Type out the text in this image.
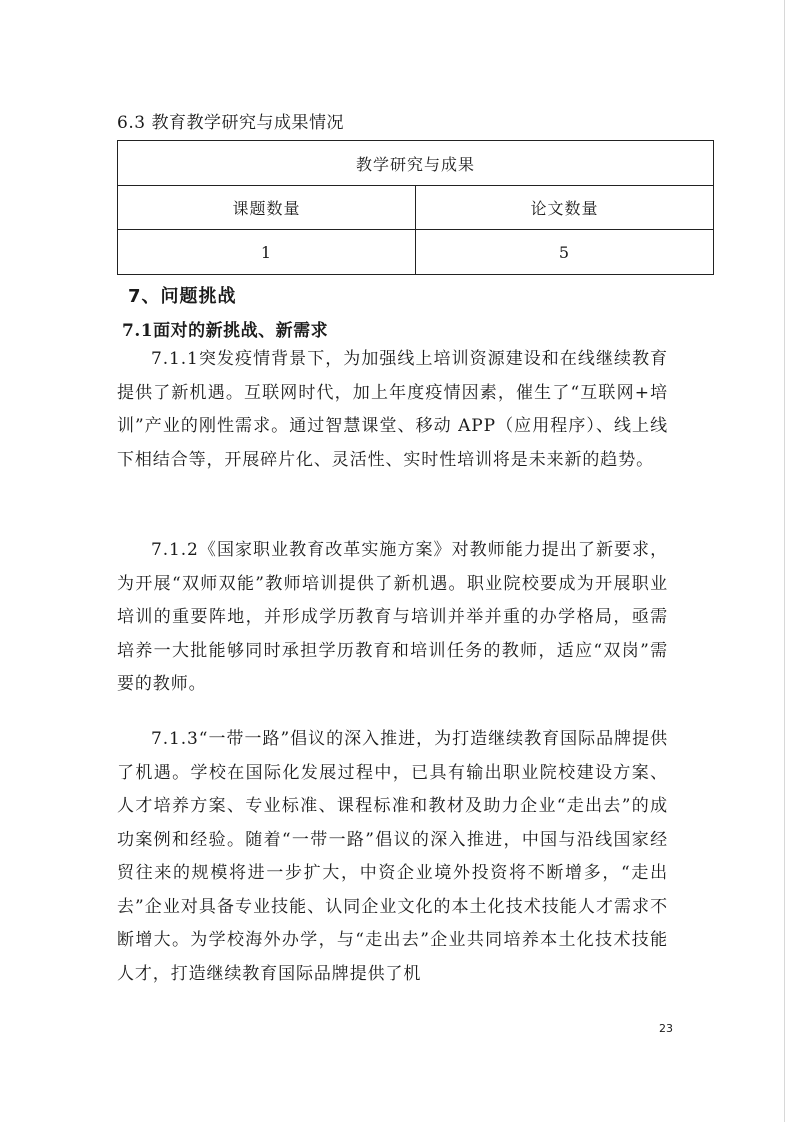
6.3 教育教学研究与成果情况
教学研究与成果	
课题数量	论文数量
1	5
7、问题挑战
7.1面对的新挑战、新需求

7.1.1突发疫情背景下，为加强线上培训资源建设和在线继续教育提供了新机遇。互联网时代，加上年度疫情因素，催生了“互联网+培训”产业的刚性需求。通过智慧课堂、移动 APP（应用程序）、线上线下相结合等，开展碎片化、灵活性、实时性培训将是未来新的趋势。

7.1.2《国家职业教育改革实施方案》对教师能力提出了新要求，为开展“双师双能”教师培训提供了新机遇。职业院校要成为开展职业培训的重要阵地，并形成学历教育与培训并举并重的办学格局，亟需培养一大批能够同时承担学历教育和培训任务的教师，适应“双岗”需要的教师。

7.1.3“一带一路”倡议的深入推进，为打造继续教育国际品牌提供了机遇。学校在国际化发展过程中，已具有输出职业院校建设方案、人才培养方案、专业标准、课程标准和教材及助力企业“走出去”的成功案例和经验。随着“一带一路”倡议的深入推进，中国与沿线国家经贸往来的规模将进一步扩大，中资企业境外投资将不断增多，“走出去”企业对具备专业技能、认同企业文化的本土化技术技能人才需求不断增大。为学校海外办学，与“走出去”企业共同培养本土化技术技能人才，打造继续教育国际品牌提供了机

23
